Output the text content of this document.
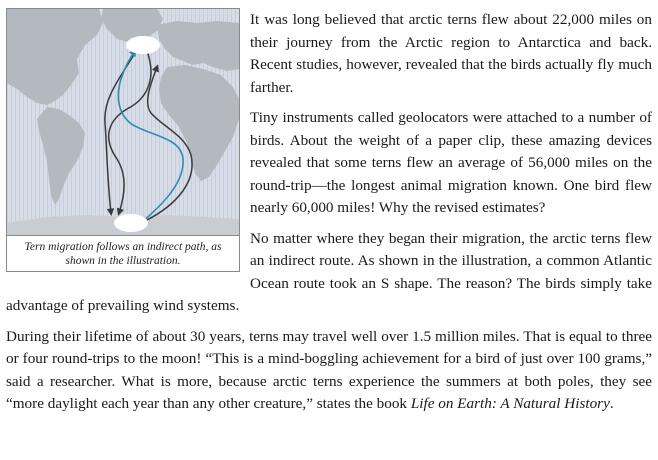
Tern migration follows an indirect path, as shown in the illustration.

It was long believed that arctic terns flew about 22,000 miles on their journey from the Arctic region to Antarctica and back. Recent studies, however, revealed that the birds actually fly much farther.

Tiny instruments called geolocators were attached to a number of birds. About the weight of a paper clip, these amazing devices revealed that some terns flew an average of 56,000 miles on the round-trip—the longest animal migration known. One bird flew nearly 60,000 miles! Why the revised estimates?

No matter where they began their migration, the arctic terns flew an indirect route. As shown in the illustration, a common Atlantic Ocean route took an S shape. The reason? The birds simply take advantage of prevailing wind systems.

During their lifetime of about 30 years, terns may travel well over 1.5 million miles. That is equal to three or four round-trips to the moon! “This is a mind-boggling achievement for a bird of just over 100 grams,” said a researcher. What is more, because arctic terns experience the summers at both poles, they see “more daylight each year than any other creature,” states the book Life on Earth: A Natural History.
